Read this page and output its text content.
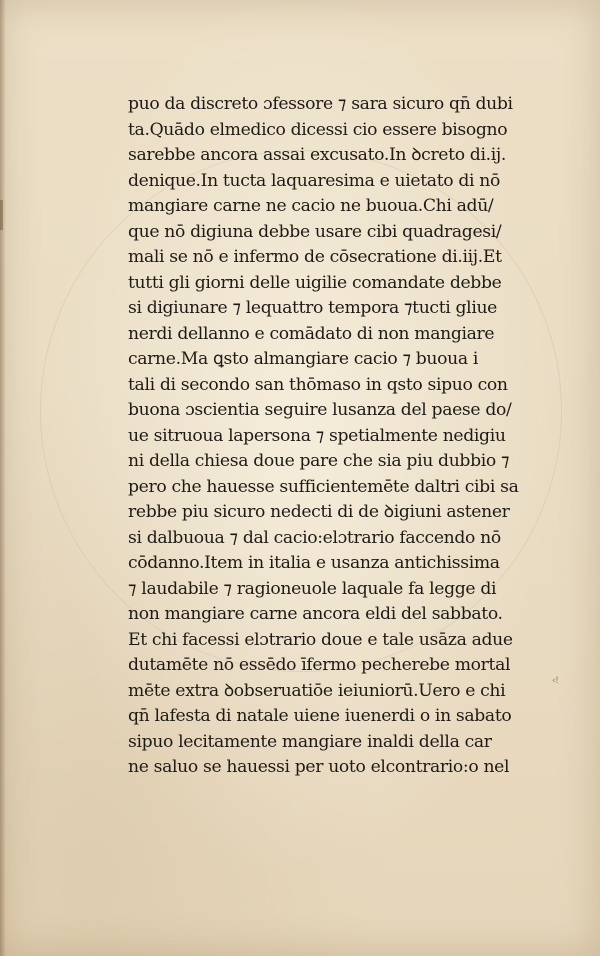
puo da discreto ɔfessore ⁊ sara sicuro qn̄ dubi
ta.Quādo elmedico dicessi cio essere bisogno
sarebbe ancora assai excusato.In ꝺcreto di.ij.
denique.In tucta laquaresima e uietato di nō
mangiare carne ne cacio ne buoua.Chi adū/
que nō digiuna debbe usare cibi quadragesi/
mali se nō e infermo de cōsecratione di.iij.Et
tutti gli giorni delle uigilie comandate debbe
si digiunare ⁊ lequattro tempora ⁊tucti gliue
nerdi dellanno e comādato di non mangiare
carne.Ma ꝗsto almangiare cacio ⁊ buoua i
tali di secondo san thōmaso in qsto sipuo con
buona ɔscientia seguire lusanza del paese do/
ue sitruoua lapersona ⁊ spetialmente nedigiu
ni della chiesa doue pare che sia piu dubbio ⁊
pero che hauesse sufficientemēte daltri cibi sa
rebbe piu sicuro nedecti di de ꝺigiuni astener
si dalbuoua ⁊ dal cacio:elɔtrario faccendo nō
cōdanno.Item in italia e usanza antichissima
⁊ laudabile ⁊ ragioneuole laquale fa legge di
non mangiare carne ancora eldi del sabbato.
Et chi facessi elɔtrario doue e tale usāza adue
dutamēte nō essēdo īfermo pecherebe mortal
mēte extra ꝺobseruatiōe ieiuniorū.Uero e chi
qn̄ lafesta di natale uiene iuenerdi o in sabato
sipuo lecitamente mangiare inaldi della car
ne saluo se hauessi per uoto elcontrario:o nel
‹ǃ
